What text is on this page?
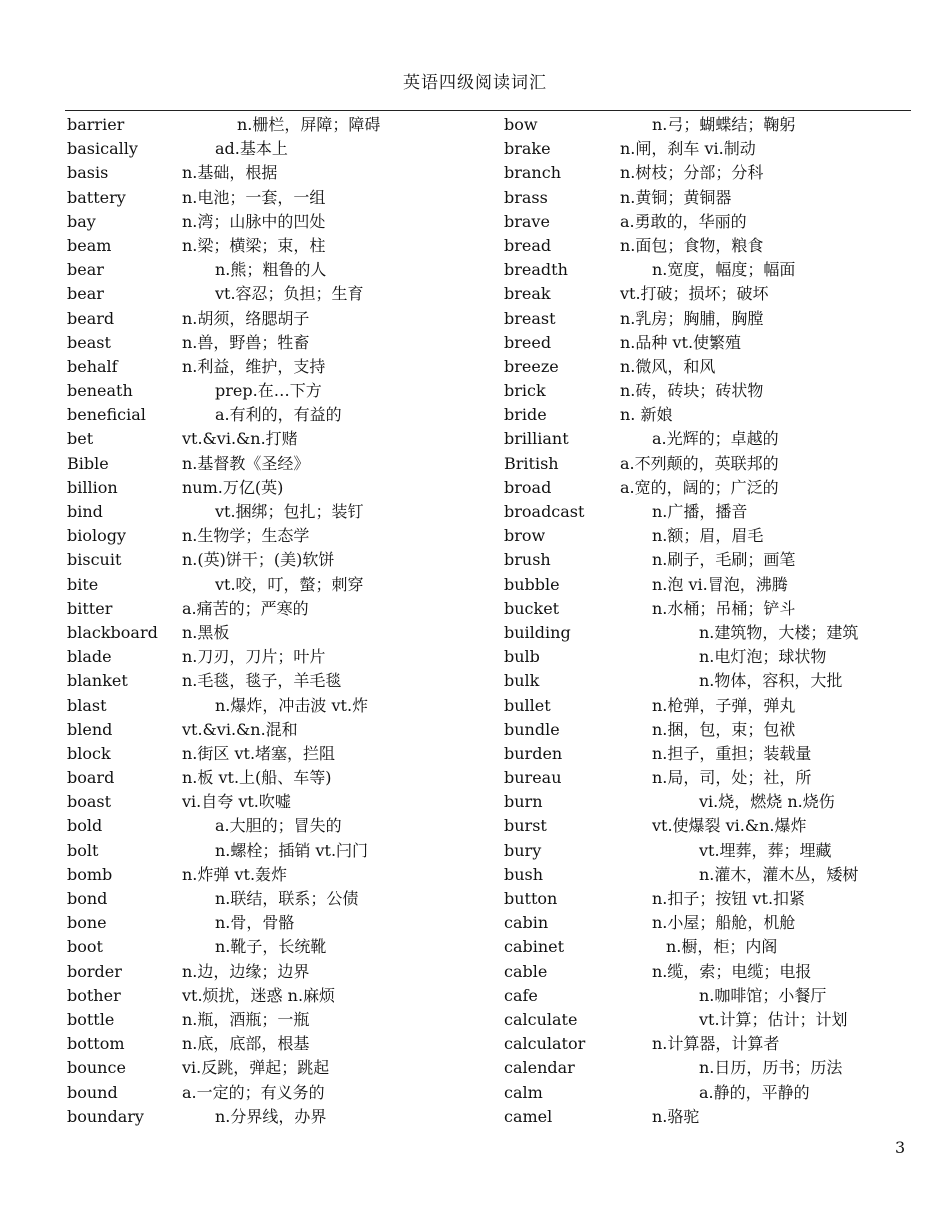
英语四级阅读词汇
barrier	n.栅栏，屏障；障碍
basically	ad.基本上
basis	n.基础，根据
battery	n.电池；一套，一组
bay	n.湾；山脉中的凹处
beam	n.梁；横梁；束，柱
bear	n.熊；粗鲁的人
bear	vt.容忍；负担；生育
beard	n.胡须，络腮胡子
beast	n.兽，野兽；牲畜
behalf	n.利益，维护，支持
beneath	prep.在…下方
beneficial	a.有利的，有益的
bet	vt.&vi.&n.打赌
Bible	n.基督教《圣经》
billion	num.万亿(英)
bind	vt.捆绑；包扎；装钉
biology	n.生物学；生态学
biscuit	n.(英)饼干；(美)软饼
bite	vt.咬，叮，螫；刺穿
bitter	a.痛苦的；严寒的
blackboard n.黑板
blade	n.刀刃，刀片；叶片
blanket	n.毛毯，毯子，羊毛毯
blast	n.爆炸，冲击波 vt.炸
blend	vt.&vi.&n.混和
block	n.街区 vt.堵塞，拦阻
board	n.板 vt.上(船、车等)
boast	vi.自夸 vt.吹嘘
bold	a.大胆的；冒失的
bolt	n.螺栓；插销 vt.闩门
bomb	n.炸弹 vt.轰炸
bond	n.联结，联系；公债
bone	n.骨，骨骼
boot	n.靴子，长统靴
border	n.边，边缘；边界
bother	vt.烦扰，迷惑 n.麻烦
bottle	n.瓶，酒瓶；一瓶
bottom	n.底，底部，根基
bounce	vi.反跳，弹起；跳起
bound	a.一定的；有义务的
boundary	n.分界线，办界
bow	n.弓；蝴蝶结；鞠躬
brake	n.闸，刹车 vi.制动
branch	n.树枝；分部；分科
brass	n.黄铜；黄铜器
brave	a.勇敢的，华丽的
bread	n.面包；食物，粮食
breadth	n.宽度，幅度；幅面
break	vt.打破；损坏；破坏
breast	n.乳房；胸脯，胸膛
breed	n.品种 vt.使繁殖
breeze	n.微风，和风
brick	n.砖，砖块；砖状物
bride	n. 新娘
brilliant	a.光辉的；卓越的
British	a.不列颠的，英联邦的
broad	a.宽的，阔的；广泛的
broadcast	n.广播，播音
brow	n.额；眉，眉毛
brush	n.刷子，毛刷；画笔
bubble	n.泡 vi.冒泡，沸腾
bucket	n.水桶；吊桶；铲斗
building	n.建筑物，大楼；建筑
bulb	n.电灯泡；球状物
bulk	n.物体，容积，大批
bullet	n.枪弹，子弹，弹丸
bundle	n.捆，包，束；包袱
burden	n.担子，重担；装载量
bureau	n.局，司，处；社，所
burn	vi.烧，燃烧 n.烧伤
burst	vt.使爆裂 vi.&n.爆炸
bury	vt.埋葬，葬；埋藏
bush	n.灌木，灌木丛，矮树
button	n.扣子；按钮 vt.扣紧
cabin	n.小屋；船舱，机舱
cabinet	n.橱，柜；内阁
cable	n.缆，索；电缆；电报
cafe	n.咖啡馆；小餐厅
calculate	vt.计算；估计；计划
calculator	n.计算器，计算者
calendar	n.日历，历书；历法
calm	a.静的，平静的
camel	n.骆驼
3
